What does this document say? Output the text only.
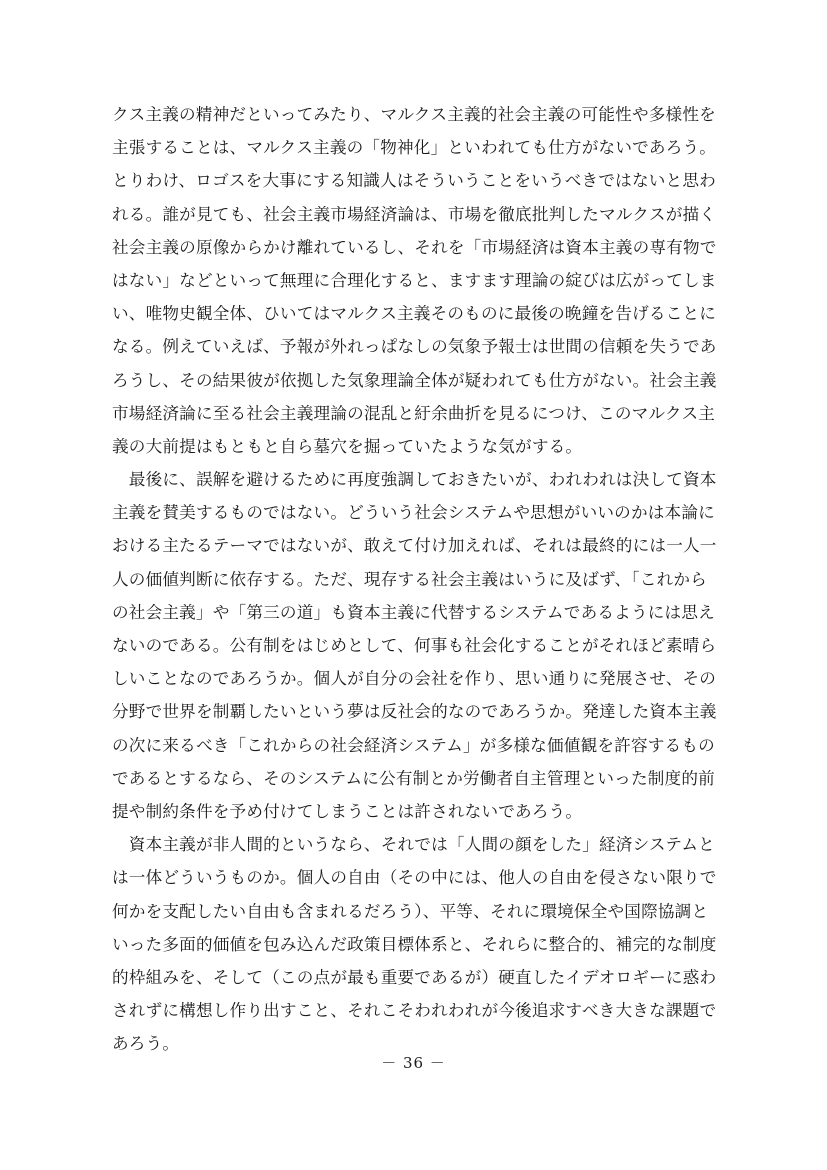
クス主義の精神だといってみたり、マルクス主義的社会主義の可能性や多様性を
主張することは、マルクス主義の「物神化」といわれても仕方がないであろう。
とりわけ、ロゴスを大事にする知識人はそういうことをいうべきではないと思わ
れる。誰が見ても、社会主義市場経済論は、市場を徹底批判したマルクスが描く
社会主義の原像からかけ離れているし、それを「市場経済は資本主義の専有物で
はない」などといって無理に合理化すると、ますます理論の綻びは広がってしま
い、唯物史観全体、ひいてはマルクス主義そのものに最後の晩鐘を告げることに
なる。例えていえば、予報が外れっぱなしの気象予報士は世間の信頼を失うであ
ろうし、その結果彼が依拠した気象理論全体が疑われても仕方がない。社会主義
市場経済論に至る社会主義理論の混乱と紆余曲折を見るにつけ、このマルクス主
義の大前提はもともと自ら墓穴を掘っていたような気がする。
　最後に、誤解を避けるために再度強調しておきたいが、われわれは決して資本
主義を賛美するものではない。どういう社会システムや思想がいいのかは本論に
おける主たるテーマではないが、敢えて付け加えれば、それは最終的には一人一
人の価値判断に依存する。ただ、現存する社会主義はいうに及ばず、「これから
の社会主義」や「第三の道」も資本主義に代替するシステムであるようには思え
ないのである。公有制をはじめとして、何事も社会化することがそれほど素晴ら
しいことなのであろうか。個人が自分の会社を作り、思い通りに発展させ、その
分野で世界を制覇したいという夢は反社会的なのであろうか。発達した資本主義
の次に来るべき「これからの社会経済システム」が多様な価値観を許容するもの
であるとするなら、そのシステムに公有制とか労働者自主管理といった制度的前
提や制約条件を予め付けてしまうことは許されないであろう。
　資本主義が非人間的というなら、それでは「人間の顔をした」経済システムと
は一体どういうものか。個人の自由（その中には、他人の自由を侵さない限りで
何かを支配したい自由も含まれるだろう）、平等、それに環境保全や国際協調と
いった多面的価値を包み込んだ政策目標体系と、それらに整合的、補完的な制度
的枠組みを、そして（この点が最も重要であるが）硬直したイデオロギーに惑わ
されずに構想し作り出すこと、それこそわれわれが今後追求すべき大きな課題で
あろう。
－ 36 －
